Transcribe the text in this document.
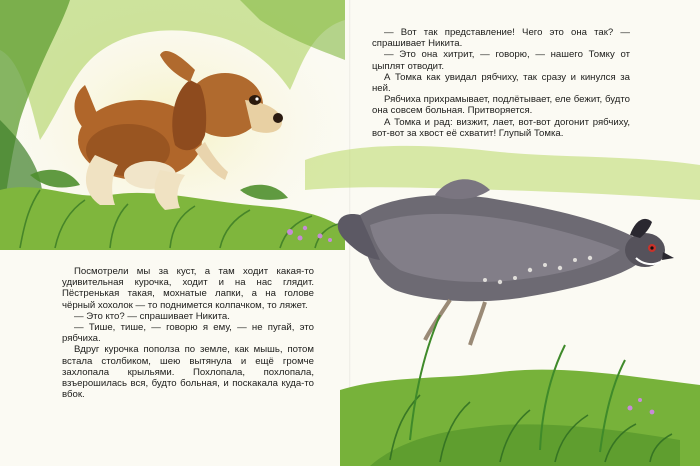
— Вот так представление! Чего это она так? — спрашивает Никита.

— Это она хитрит, — говорю, — нашего Томку от цыплят отводит.

А Томка как увидал рябчиху, так сразу и кинулся за ней.

Рябчиха прихрамывает, подлётывает, еле бежит, будто она совсем больная. Притворяется.

А Томка и рад: визжит, лает, вот-вот догонит рябчиху, вот-вот за хвост её схватит! Глупый Томка.

Посмотрели мы за куст, а там ходит какая-то удивительная курочка, ходит и на нас глядит. Пёстренькая такая, мохнатые лапки, а на голове чёрный хохолок — то поднимется колпачком, то ляжет.

— Это кто? — спрашивает Никита.

— Тише, тише, — говорю я ему, — не пугай, это рябчиха.

Вдруг курочка пополза по земле, как мышь, потом встала столбиком, шею вытянула и ещё громче захлопала крыльями. Похлопала, похлопала, взъерошилась вся, будто больная, и поскакала куда-то вбок.
